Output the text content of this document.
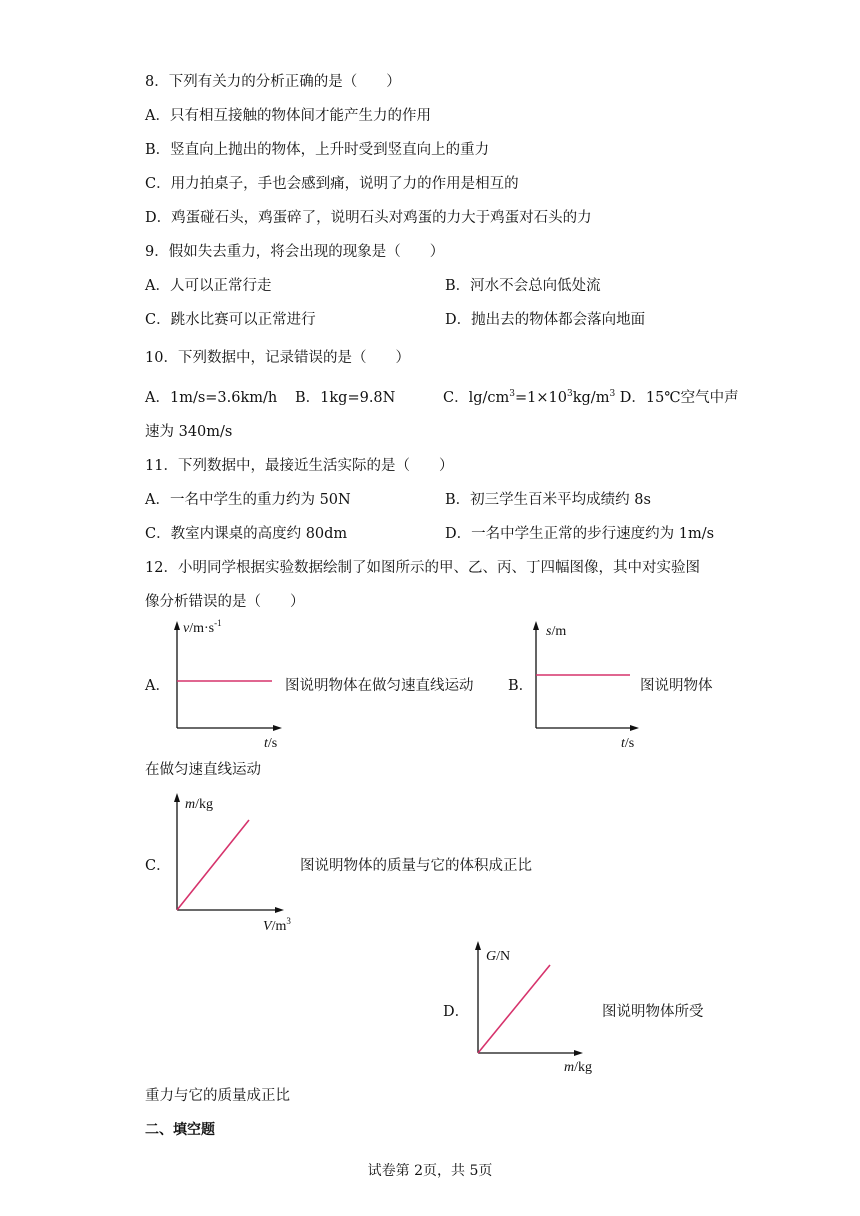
8．下列有关力的分析正确的是（　　）
A．只有相互接触的物体间才能产生力的作用
B．竖直向上抛出的物体，上升时受到竖直向上的重力
C．用力拍桌子，手也会感到痛，说明了力的作用是相互的
D．鸡蛋碰石头，鸡蛋碎了，说明石头对鸡蛋的力大于鸡蛋对石头的力
9．假如失去重力，将会出现的现象是（　　）
A．人可以正常行走	B．河水不会总向低处流
C．跳水比赛可以正常进行	D．抛出去的物体都会落向地面
10．下列数据中，记录错误的是（　　）
A．1m/s=3.6km/h B．1kg=9.8N	C．$\lg/cm^3=1\times 10^3kg/m^3$ D．15℃空气中声
速为 340m/s
11．下列数据中，最接近生活实际的是（　　）
A．一名中学生的重力约为 50N	B．初三学生百米平均成绩约 8s
C．教室内课桌的高度约 80dm	D．一名中学生正常的步行速度约为 1m/s
12．小明同学根据实验数据绘制了如图所示的甲、乙、丙、丁四幅图像，其中对实验图
像分析错误的是（　　）
A．
$v/m\cdot s^{-1}$
t/s
图说明物体在做匀速直线运动 B．
s/m
t/s
图说明物体
在做匀速直线运动
C．
m/kg
$V/m^3$
图说明物体的质量与它的体积成正比
D．
G/N
m/kg
图说明物体所受
重力与它的质量成正比
二、填空题
试卷第 2页，共 5页
